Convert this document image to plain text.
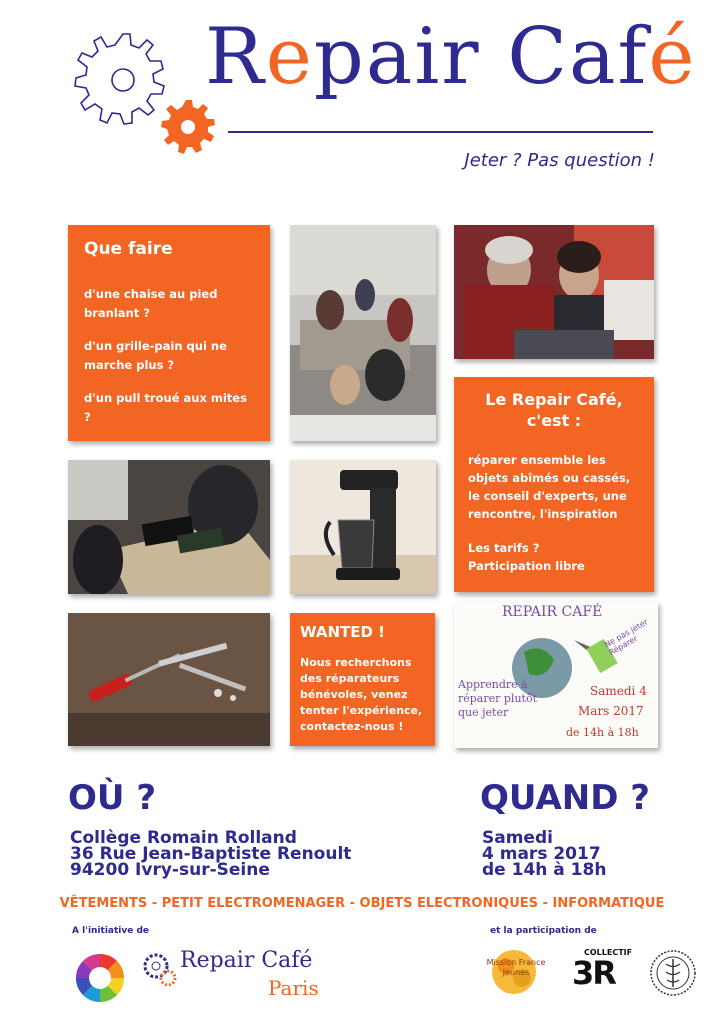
Repair Café
Jeter ? Pas question !
Que faire

d'une chaise au pied branlant ?

d'un grille-pain qui ne marche plus ?

d'un pull troué aux mites ?

Le Repair Café,
c'est :

réparer ensemble les objets abîmés ou cassés, le conseil d'experts, une rencontre, l'inspiration

Les tarifs ?
Participation libre

WANTED !

Nous recherchons des réparateurs bénévoles, venez tenter l'expérience, contactez-nous !

REPAIR CAFÉ
Ne pas jeter Réparer
Apprendre à réparer plutôt que jeter
Samedi 4
Mars 2017
de 14h à 18h
OÙ ?
Collège Romain Rolland
36 Rue Jean-Baptiste Renoult
94200 Ivry-sur-Seine
QUAND ?
Samedi
4 mars 2017
de 14h à 18h
VÊTEMENTS - PETIT ELECTROMENAGER - OBJETS ELECTRONIQUES - INFORMATIQUE
A l'initiative de	et la participation de
Repair Café
Paris
Mission France Jeunes
COLLECTIF
3R
